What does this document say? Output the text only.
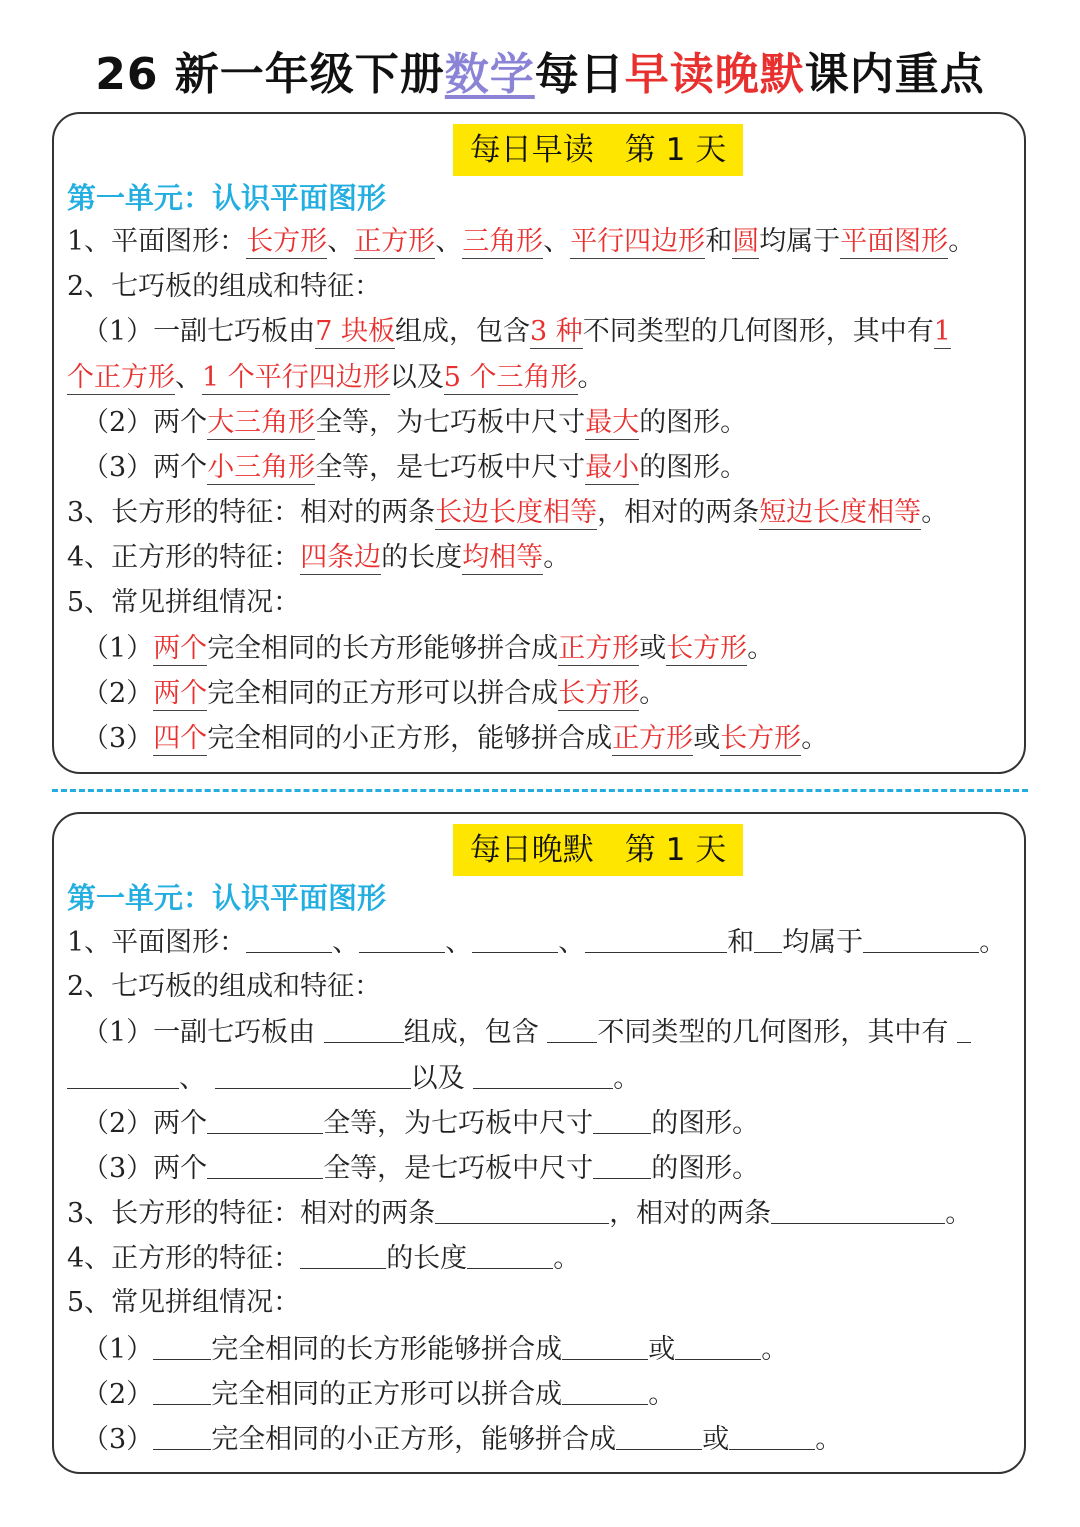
26 新一年级下册数学每日早读晚默课内重点
每日早读　第 1 天
第一单元：认识平面图形
1、平面图形：长方形、正方形、三角形、平行四边形和圆均属于平面图形。
2、七巧板的组成和特征：
（1）一副七巧板由7 块板组成，包含3 种不同类型的几何图形，其中有1
个正方形、1 个平行四边形以及5 个三角形。
（2）两个大三角形全等，为七巧板中尺寸最大的图形。
（3）两个小三角形全等，是七巧板中尺寸最小的图形。
3、长方形的特征：相对的两条长边长度相等，相对的两条短边长度相等。
4、正方形的特征：四条边的长度均相等。
5、常见拼组情况：
（1）两个完全相同的长方形能够拼合成正方形或长方形。
（2）两个完全相同的正方形可以拼合成长方形。
（3）四个完全相同的小正方形，能够拼合成正方形或长方形。
每日晚默　第 1 天
第一单元：认识平面图形
1、平面图形：	、	、	、	和 均属于	。
2、七巧板的组成和特征：
（1）一副七巧板由	组成，包含 不同类型的几何图形，其中有
、	以及	。
（2）两个	全等，为七巧板中尺寸 的图形。
（3）两个	全等，是七巧板中尺寸 的图形。
3、长方形的特征：相对的两条	，相对的两条	。
4、正方形的特征：	的长度	。
5、常见拼组情况：
（1） 完全相同的长方形能够拼合成	或	。
（2） 完全相同的正方形可以拼合成	。
（3） 完全相同的小正方形，能够拼合成	或	。
